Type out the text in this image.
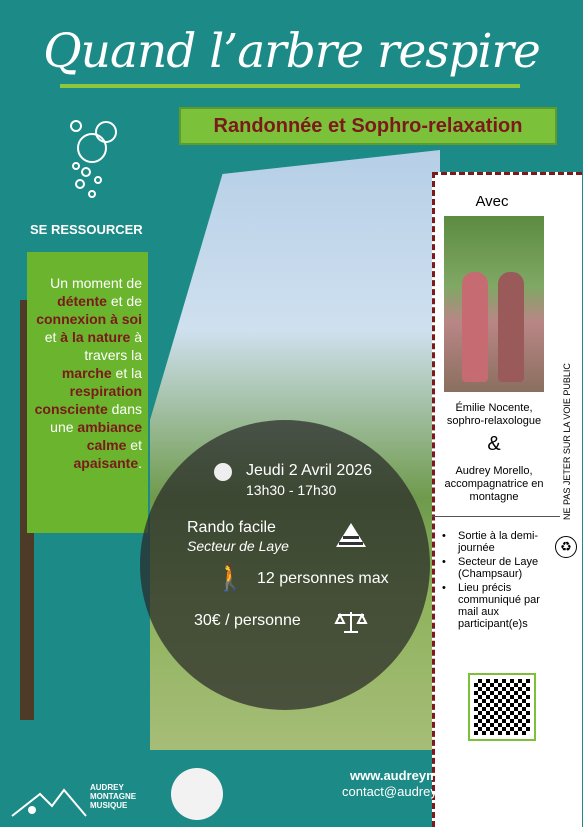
Quand l’arbre respire
Randonnée et Sophro-relaxation
SE RESSOURCER

Un moment de détente et de connexion à soi et à la nature à travers la marche et la respiration consciente dans une ambiance calme et apaisante.	Jeudi 2 Avril 2026
13h30 - 17h30
Rando facile
Secteur de Laye
🚶 12 personnes max
30€ / personne
Avec
Émilie Nocente,
sophro-relaxologue
&
Audrey Morello,
accompagnatrice en montagne
• Sortie à la demi-journée
• Secteur de Laye (Champsaur)
• Lieu précis communiqué par mail aux participant(e)s
NE PAS JETER SUR LA VOIE PUBLIC
♻
Infos et réservations :
www.audreymontagnemusique.com
contact@audreymontagnemusique.com
06 28 36 69 77
AUDREY MONTAGNE MUSIQUE
